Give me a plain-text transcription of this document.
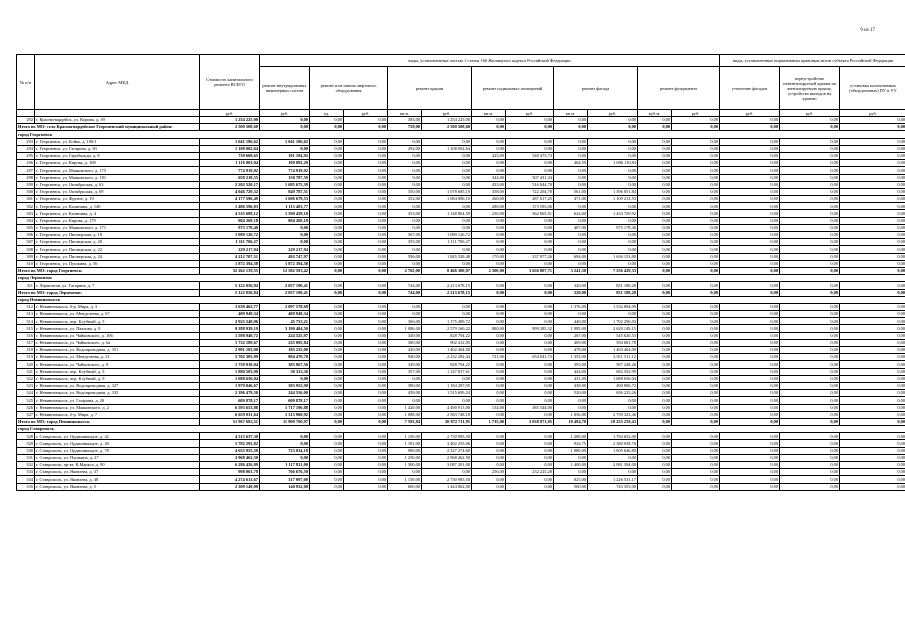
9 из 17
№ п/п	Адрес МКД	Стоимость капитального ремонта ВСЕГО	виды, установленные частью 1 статьи 166 Жилищного кодекса Российской Федерации											виды, установленные нормативным правовым актом субъекта Российской Федерации		
			ремонт внутридомовых инженерных систем	ремонт или замена лифтового оборудования		ремонт крыши		ремонт подвальных помещений		ремонт фасада		ремонт фундамента		утепление фасадов	переустройство невентилируемой крыши на вентилируемую крышу, устройство выходов на кровлю	установка коллективных (общедомовых) ПУ и УУ
		руб.	руб.	ед.	руб.	кв.м.	руб.	кв.м.	руб.	кв.м.	руб.	куб.м.	руб.	руб.	руб.	руб.
292	г. Красногвардейск, ул. Кирова, д. 39	1 254 225,00	0,00	0,00	0,00	383,00	1 254 225,00	0,00	0,00	0,00	0,00	0,00	0,00	0,00	0,00	0,00
Итого по МО: село Красногвардейское Георгиевский муниципальный район:		2 500 508,60	0,00	0,00	0,00	759,00	2 500 508,60	0,00	0,00	0,00	0,00	0,00	0,00	0,00	0,00	0,00
город Георгиевск																
293	г. Георгиевск, ул. Бойко, д. 106/1	1 041 186,62	1 041 186,62	0,00	0,00	0,00	0,00	0,00	0,00	0,00	0,00	0,00	0,00	0,00	0,00	0,00
294	г. Георгиевск, ул. Гагарина, д. 83	1 108 002,64	0,00	0,00	0,00	392,00	1 108 002,64	0,00	0,00	0,00	0,00	0,00	0,00	0,00	0,00	0,00
295	г. Георгиевск, ул. Гарибальди, д. 8	739 668,65	191 194,92	0,00	0,00	0,00	0,00	425,00	548 473,73	0,00	0,00	0,00	0,00	0,00	0,00	0,00
296	г. Георгиевск, ул. Кирова, д. 168	1 116 003,04	109 892,20	0,00	0,00	0,00	0,00	0,00	0,00	464,50	1 006 110,84	0,00	0,00	0,00	0,00	0,00
297	г. Георгиевск, ул. Маяковского, д. 175	774 919,02	774 919,02	0,00	0,00	0,00	0,00	0,00	0,00	0,00	0,00	0,00	0,00	0,00	0,00	0,00
298	г. Георгиевск, ул. Маяковского, д. 181	658 218,55	150 787,59	0,00	0,00	0,00	0,00	344,00	507 431,34	0,00	0,00	0,00	0,00	0,00	0,00	0,00
299	г. Георгиевск, ул. Октябрьская, д. 63	2 202 520,17	1 685 675,39	0,00	0,00	0,00	0,00	433,00	516 844,78	0,00	0,00	0,00	0,00	0,00	0,00	0,00
300	г. Георгиевск, ул. Октябрьская, д. 69	4 046 729,32	849 787,51	0,00	0,00	350,00	1 078 685,19	358,00	722 204,78	561,00	1 396 051,84	0,00	0,00	0,00	0,00	0,00
301	г. Георгиевск, ул. Фрунзе, д. 19	4 177 596,49	1 696 679,53	0,00	0,00	352,00	1 084 086,10	260,00	287 617,25	471,00	1 109 213,53	0,00	0,00	0,00	0,00	0,00
302	г. Георгиевск, ул. Калинина, д. 140	1 486 596,83	1 113 403,77	0,00	0,00	0,00	0,00	280,00	373 593,06	0,00	0,00	0,00	0,00	0,00	0,00	0,00
303	г. Георгиевск, ул. Калинина, д. 4	4 535 689,12	1 590 458,10	0,00	0,00	353,00	1 148 864,59	230,00	362 665,51	624,00	1 433 729,92	0,00	0,00	0,00	0,00	0,00
304	г. Георгиевск, ул. Кирова, д. 179	804 269,18	804 269,18	0,00	0,00	0,00	0,00	0,00	0,00	0,00	0,00	0,00	0,00	0,00	0,00	0,00
305	г. Георгиевск, ул. Маяковского, д. 171	975 178,40	0,00	0,00	0,00	0,00	0,00	0,00	0,00	407,00	975 178,40	0,00	0,00	0,00	0,00	0,00
306	г. Георгиевск, ул. Пионерская, д. 18	1 089 126,72	0,00	0,00	0,00	367,00	1 089 126,72	0,00	0,00	0,00	0,00	0,00	0,00	0,00	0,00	0,00
307	г. Георгиевск, ул. Пионерская, д. 20	1 111 706,27	0,00	0,00	0,00	355,00	1 111 706,27	0,00	0,00	0,00	0,00	0,00	0,00	0,00	0,00	0,00
308	г. Георгиевск, ул. Пионерская, д. 22	229 217,04	229 217,04	0,00	0,00	0,00	0,00	0,00	0,00	0,00	0,00	0,00	0,00	0,00	0,00	0,00
309	г. Георгиевск, ул. Пионерская, д. 24	4 212 707,51	492 747,97	0,00	0,00	596,00	1 845 528,48	170,00	237 977,26	694,00	1 636 153,80	0,00	0,00	0,00	0,00	0,00
310	г. Георгиевск, ул. Пушкина, д. 56	1 872 394,58	1 872 394,58	0,00	0,00	0,00	0,00	0,00	0,00	0,00	0,00	0,00	0,00	0,00	0,00	0,00
Итого по МО: город Георгиевск:		32 262 139,55	12 582 593,42	0,00	0,00	2 765,00	8 466 300,07	2 500,00	3 656 807,71	3 241,50	7 556 429,33	0,00	0,00	0,00	0,00	0,00
город Лермонтов																
311	г. Лермонтов, ул. Гагарина, д. 7	5 122 056,84	2 057 190,41	0,00	0,00	744,00	2 213 678,15	0,00	0,00	320,00	851 188,28	0,00	0,00	0,00	0,00	0,00
Итого по МО: город Лермонтов:		5 122 056,84	2 057 190,41	0,00	0,00	744,00	2 213 678,15	0,00	0,00	320,00	851 188,28	0,00	0,00	0,00	0,00	0,00
город Невинномысск																
312	г. Невинномысск, б-р. Мира, д. 3	3 630 462,77	2 097 578,68	0,00	0,00	0,00	0,00	0,00	0,00	1 376,00	1 532 884,09	0,00	0,00	0,00	0,00	0,00
313	г. Невинномысск, ул. Менделеева, д. 67	409 949,34	409 949,34	0,00	0,00	0,00	0,00	0,00	0,00	0,00	0,00	0,00	0,00	0,00	0,00	0,00
314	г. Невинномысск, пер. Клубный, д. 5	2 925 540,96	45 755,21	0,00	0,00	366,00	1 175 489,72	0,00	0,00	440,00	1 702 296,03	0,00	0,00	0,00	0,00	0,00
315	г. Невинномысск, ул. Павлова, д. 8	9 388 939,19	3 190 404,50	0,00	0,00	1 086,00	2 579 160,22	880,00	999 285,32	1 995,00	2 620 149,15	0,00	0,00	0,00	0,00	0,00
316	г. Невинномысск, ул. Чайковского, д. 106	1 598 940,72	224 525,97	0,00	0,00	349,00	828 794,22	0,00	0,00	267,00	545 620,53	0,00	0,00	0,00	0,00	0,00
317	г. Невинномысск, ул. Чайковского, д. 6а	1 732 189,67	235 095,84	0,00	0,00	380,00	902 412,05	0,00	0,00	409,00	594 681,78	0,00	0,00	0,00	0,00	0,00
318	г. Невинномысск, ул. Водопроводная, д. 351	2 991 103,00	185 235,00	0,00	0,00	420,00	1 402 404,00	0,00	0,00	478,00	1 403 464,00	0,00	0,00	0,00	0,00	0,00
319	г. Невинномысск, ул. Менделеева, д. 21	5 702 305,99	804 470,70	0,00	0,00	940,00	2 232 282,44	721,00	654 041,73	1 353,00	2 011 511,12	0,00	0,00	0,00	0,00	0,00
320	г. Невинномысск, ул. Чайковского, д. 8	1 759 910,04	383 867,56	0,00	0,00	349,00	828 794,22	0,00	0,00	395,00	587 248,26	0,00	0,00	0,00	0,00	0,00
321	г. Невинномысск, пер. Клубный, д. 3	1 880 503,90	50 333,30	0,00	0,00	357,00	1 147 817,61	0,00	0,00	444,00	682 352,99	0,00	0,00	0,00	0,00	0,00
322	г. Невинномысск, пер. Клубный, д. 9	1 688 656,04	0,00	0,00	0,00	0,00	0,00	0,00	0,00	431,00	1 688 656,04	0,00	0,00	0,00	0,00	0,00
323	г. Невинномысск, ул. Водопроводная, д. 327	1 979 046,67	303 952,90	0,00	0,00	380,00	1 184 287,05	0,00	0,00	438,00	490 806,72	0,00	0,00	0,00	0,00	0,00
324	г. Невинномысск, ул. Водопроводная, д. 335	2 396 479,50	244 556,00	0,00	0,00	458,00	1 515 699,24	0,00	0,00	520,00	636 225,26	0,00	0,00	0,00	0,00	0,00
325	г. Невинномысск, ул. Гагарина, д. 20	609 878,17	609 878,17	0,00	0,00	0,00	0,00	0,00	0,00	0,00	0,00	0,00	0,00	0,00	0,00	0,00
326	г. Невинномысск, ул. Маяковского, д. 2	6 593 653,88	1 717 196,88	0,00	0,00	1 420,00	4 490 913,00	134,00	385 544,00	0,00	0,00	0,00	0,00	0,00	0,00	0,00
327	г. Невинномысск, б-р. Мира, д. 7	6 659 031,64	1 315 960,92	0,00	0,00	1 088,00	2 583 748,18	0,00	0,00	1 856,00	2 759 323,46	0,00	0,00	0,00	0,00	0,00
Итого по МО: город Невинномысск:		51 967 682,51	11 800 760,97	0,00	0,00	7 593,84	20 872 711,95	1 735,00	2 038 871,05	10 494,70	18 255 239,43	0,00	0,00	0,00	0,00	0,00
город Ставрополь																
328	г. Ставрополь, ул. Орджоникидзе, д. 42	4 515 637,30	0,00	0,00	0,00	1 150,00	2 730 985,50	0,00	0,00	1 200,00	1 784 652,00	0,00	0,00	0,00	0,00	0,00
329	г. Ставрополь, ул. Орджоникидзе, д. 40	5 782 293,82	0,00	0,00	0,00	1 181,00	3 402 255,06	0,00	0,00	924,75	2 380 038,76	0,00	0,00	0,00	0,00	0,00
330	г. Ставрополь, ул. Орджоникидзе, д. 78	4 655 955,58	723 034,18	0,00	0,00	980,00	2 327 274,60	0,00	0,00	1 080,00	1 605 646,80	0,00	0,00	0,00	0,00	0,00
331	г. Ставрополь, ул. Пушкина, д. 27	2 968 462,50	0,00	0,00	0,00	1 250,00	2 968 462,50	0,00	0,00	0,00	0,00	0,00	0,00	0,00	0,00	0,00
332	г. Ставрополь, пр-кт. К.Маркса, д. 90	6 286 426,09	1 117 831,00	0,00	0,00	1 300,00	3 087 201,00	0,00	0,00	1 400,00	2 081 394,00	0,00	0,00	0,00	0,00	0,00
333	г. Ставрополь, ул. Яковлева, д. 37	998 901,78	766 676,50	0,00	0,00	0,00	0,00	256,00	232 225,28	0,00	0,00	0,00	0,00	0,00	0,00	0,00
334	г. Ставрополь, ул. Яковлева, д. 48	4 274 613,67	317 097,00	0,00	0,00	1 150,00	2 730 985,50	0,00	0,00	825,00	1 226 531,17	0,00	0,00	0,00	0,00	0,00
335	г. Ставрополь, ул. Яковлева, д. 5	2 309 149,00	140 932,00	0,00	0,00	600,00	1 424 862,00	0,00	0,00	500,00	743 355,00	0,00	0,00	0,00	0,00	0,00
